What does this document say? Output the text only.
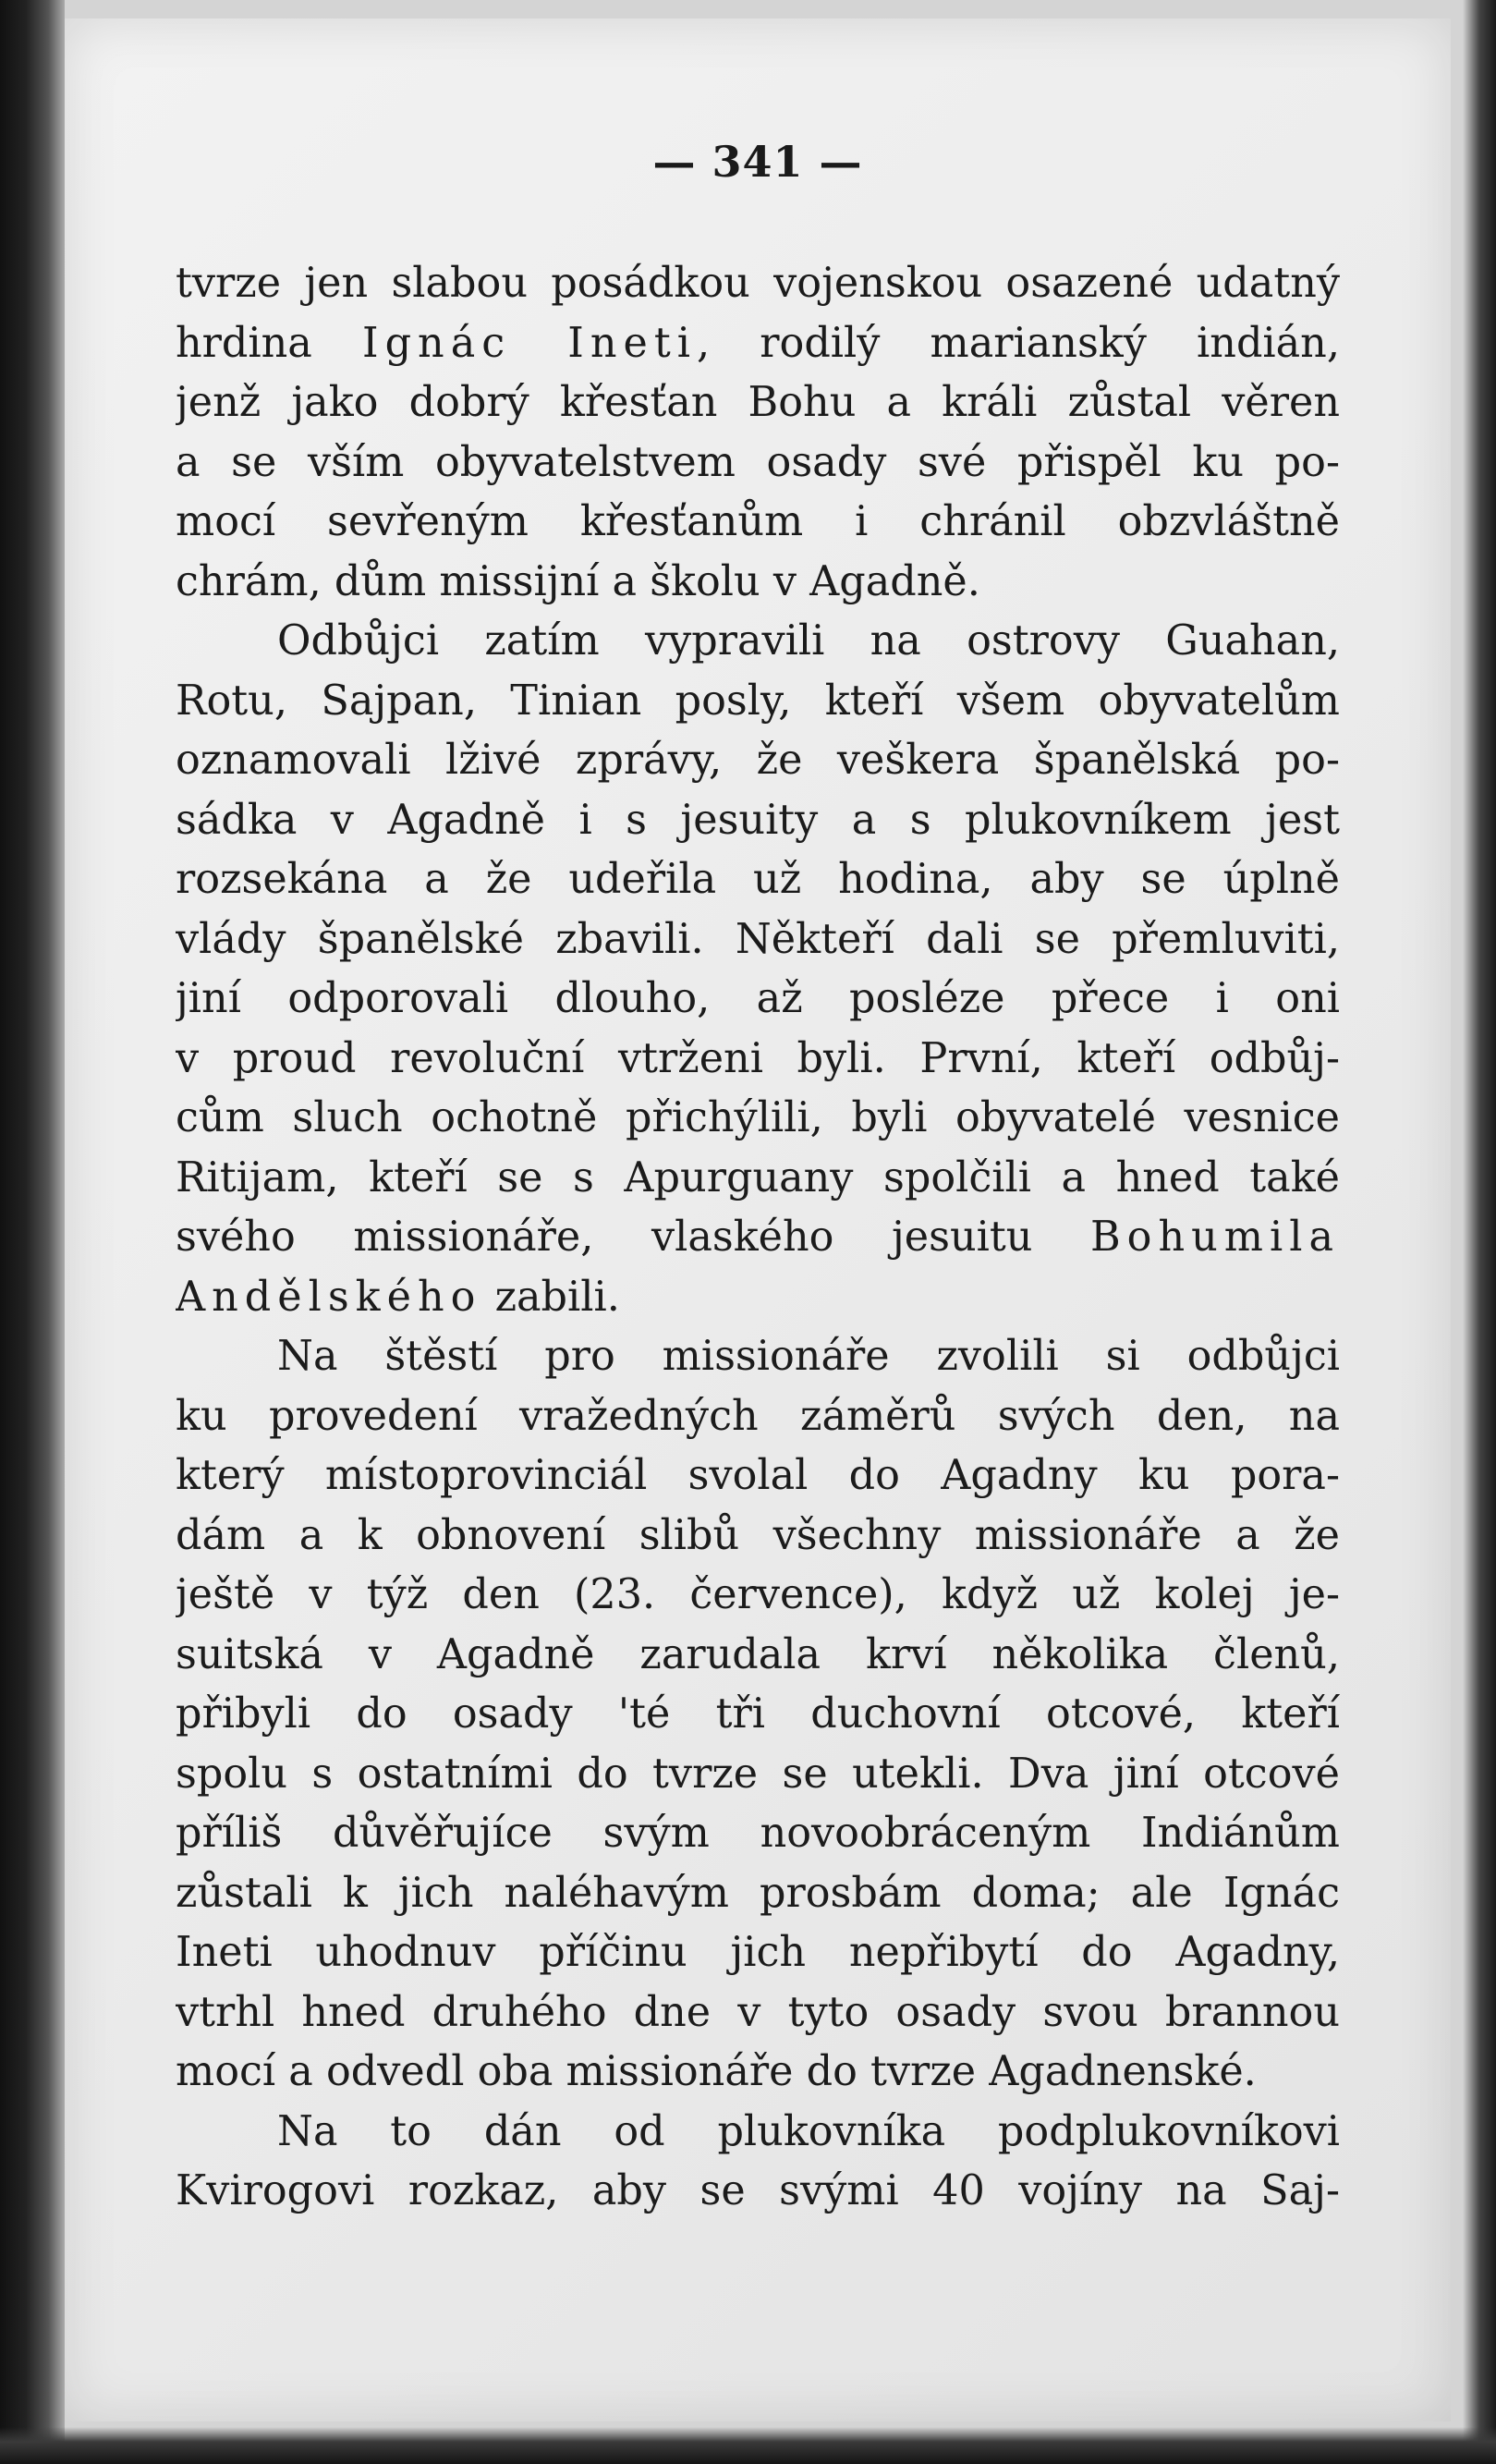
— 341 —
tvrze jen slabou posádkou vojenskou osazené udatný
hrdina Ignác Ineti, rodilý marianský indián,
jenž jako dobrý křesťan Bohu a králi zůstal věren
a se vším obyvatelstvem osady své přispěl ku po-
mocí sevřeným křesťanům i chránil obzvláštně
chrám, dům missijní a školu v Agadně.
Odbůjci zatím vypravili na ostrovy Guahan,
Rotu, Sajpan, Tinian posly, kteří všem obyvatelům
oznamovali lživé zprávy, že veškera španělská po-
sádka v Agadně i s jesuity a s plukovníkem jest
rozsekána a že udeřila už hodina, aby se úplně
vlády španělské zbavili. Někteří dali se přemluviti,
jiní odporovali dlouho, až posléze přece i oni
v proud revoluční vtrženi byli. První, kteří odbůj-
cům sluch ochotně přichýlili, byli obyvatelé vesnice
Ritijam, kteří se s Apurguany spolčili a hned také
svého missionáře, vlaského jesuitu Bohumila
Andělského zabili.
Na štěstí pro missionáře zvolili si odbůjci
ku provedení vražedných záměrů svých den, na
který místoprovinciál svolal do Agadny ku pora-
dám a k obnovení slibů všechny missionáře a že
ještě v týž den (23. července), když už kolej je-
suitská v Agadně zarudala krví několika členů,
přibyli do osady 'té tři duchovní otcové, kteří
spolu s ostatními do tvrze se utekli. Dva jiní otcové
příliš důvěřujíce svým novoobráceným Indiánům
zůstali k jich naléhavým prosbám doma; ale Ignác
Ineti uhodnuv příčinu jich nepřibytí do Agadny,
vtrhl hned druhého dne v tyto osady svou brannou
mocí a odvedl oba missionáře do tvrze Agadnenské.
Na to dán od plukovníka podplukovníkovi
Kvirogovi rozkaz, aby se svými 40 vojíny na Saj-
